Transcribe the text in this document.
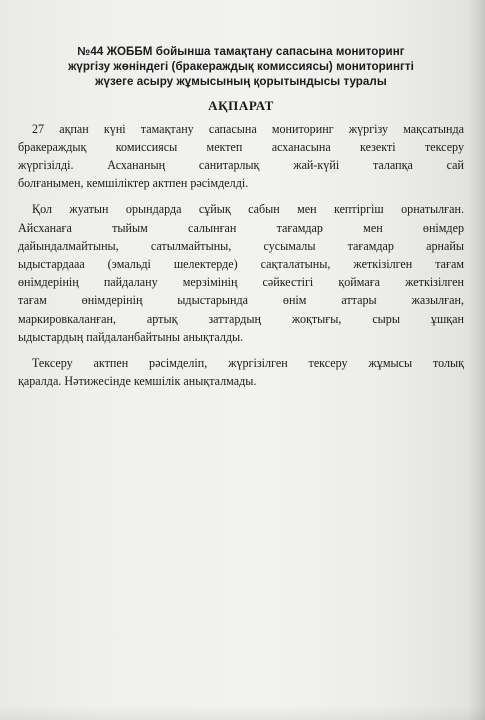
№44 ЖОББМ бойынша тамақтану сапасына мониторинг
жүргізу жөніндегі (бракераждық комиссиясы) мониторингті
жүзеге асыру жұмысының қорытындысы туралы
АҚПАРАТ
27 ақпан күні тамақтану сапасына мониторинг жүргізу мақсатында
бракераждық комиссиясы мектеп асханасына кезекті тексеру
жүргізілді. Асхананың санитарлық жай-күйі талапқа сай
болғанымен, кемшіліктер актпен рәсімделді.
Қол жуатын орындарда сұйық сабын мен кептіргіш орнатылған.
Айсханаға тыйым салынған тағамдар мен өнімдер
дайындалмайтыны, сатылмайтыны, сусымалы тағамдар арнайы
ыдыстардааа (эмальді шелектерде) сақталатыны, жеткізілген тағам
өнімдерінің пайдалану мерзімінің сәйкестігі қоймаға жеткізілген
тағам өнімдерінің ыдыстарында өнім аттары жазылған,
маркировкаланған, артық заттардың жоқтығы, сыры ұшқан
ыдыстардың пайдаланбайтыны анықталды.
Тексеру актпен рәсімделіп, жүргізілген тексеру жұмысы толық
қаралда. Нәтижесінде кемшілік анықталмады.
